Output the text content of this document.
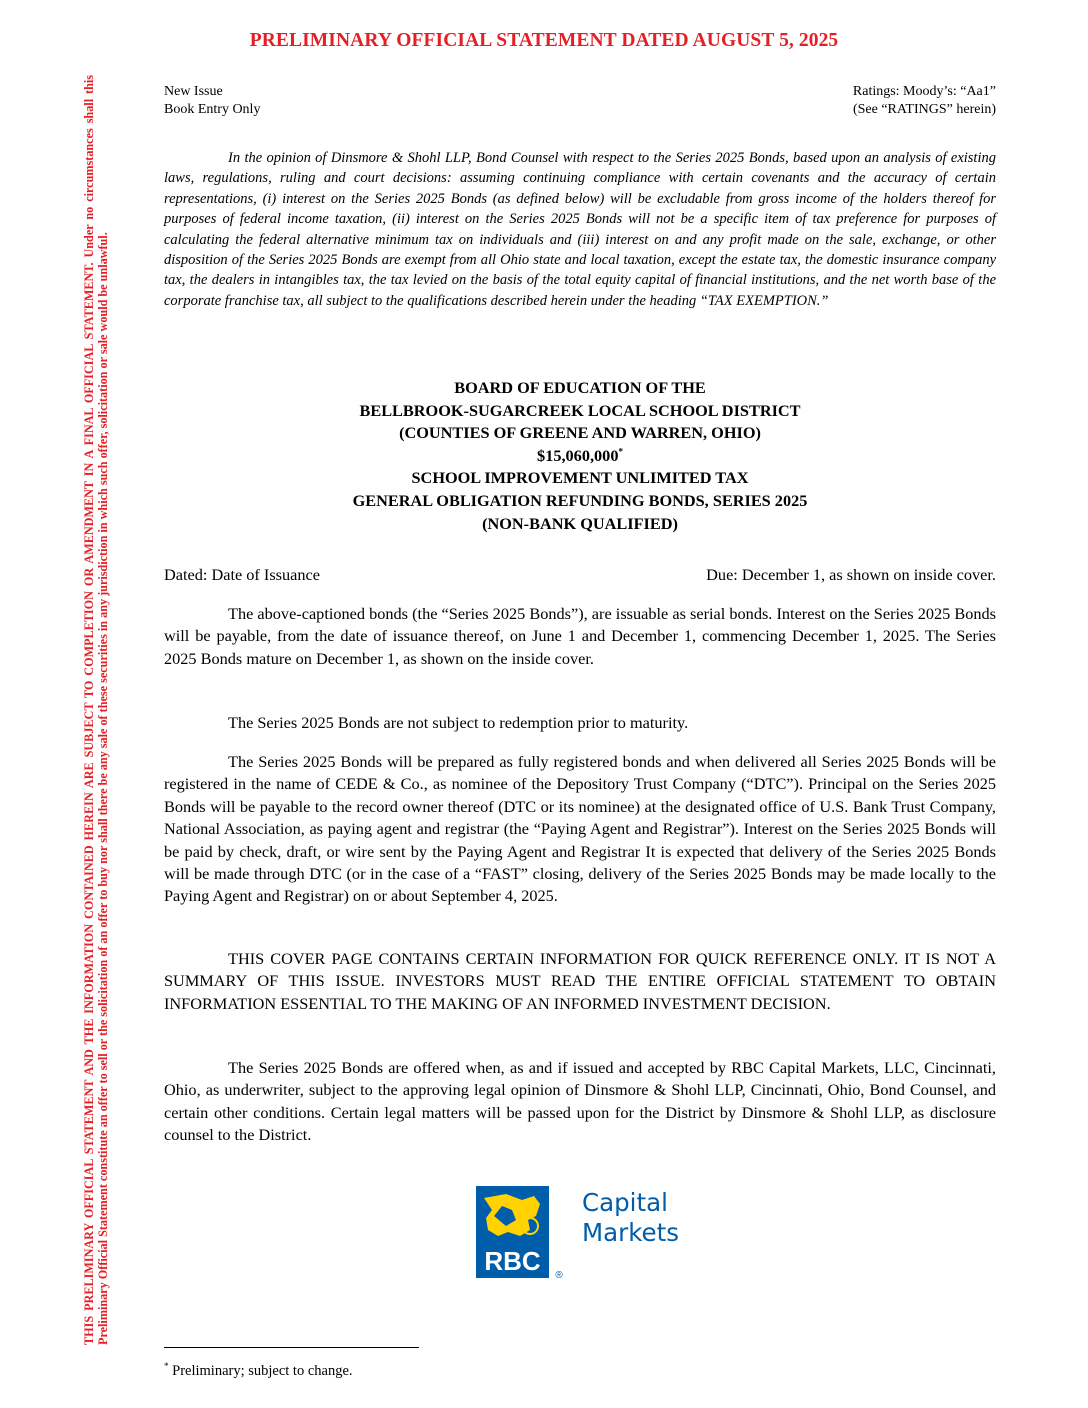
PRELIMINARY OFFICIAL STATEMENT DATED AUGUST 5, 2025
THIS PRELIMINARY OFFICIAL STATEMENT AND THE INFORMATION CONTAINED HEREIN ARE SUBJECT TO COMPLETION OR AMENDMENT IN A FINAL OFFICIAL STATEMENT. Under no circumstances shall this Preliminary Official Statement constitute an offer to sell or the solicitation of an offer to buy nor shall there be any sale of these securities in any jurisdiction in which such offer, solicitation or sale would be unlawful.
New Issue
Book Entry Only
Ratings: Moody’s: “Aa1”
(See “RATINGS” herein)

In the opinion of Dinsmore & Shohl LLP, Bond Counsel with respect to the Series 2025 Bonds, based upon an analysis of existing laws, regulations, ruling and court decisions: assuming continuing compliance with certain covenants and the accuracy of certain representations, (i) interest on the Series 2025 Bonds (as defined below) will be excludable from gross income of the holders thereof for purposes of federal income taxation, (ii) interest on the Series 2025 Bonds will not be a specific item of tax preference for purposes of calculating the federal alternative minimum tax on individuals and (iii) interest on and any profit made on the sale, exchange, or other disposition of the Series 2025 Bonds are exempt from all Ohio state and local taxation, except the estate tax, the domestic insurance company tax, the dealers in intangibles tax, the tax levied on the basis of the total equity capital of financial institutions, and the net worth base of the corporate franchise tax, all subject to the qualifications described herein under the heading “TAX EXEMPTION.”

BOARD OF EDUCATION OF THE
BELLBROOK-SUGARCREEK LOCAL SCHOOL DISTRICT
(COUNTIES OF GREENE AND WARREN, OHIO)
$15,060,000*
SCHOOL IMPROVEMENT UNLIMITED TAX
GENERAL OBLIGATION REFUNDING BONDS, SERIES 2025
(NON-BANK QUALIFIED)
Dated: Date of Issuance	Due: December 1, as shown on inside cover.

The above-captioned bonds (the “Series 2025 Bonds”), are issuable as serial bonds. Interest on the Series 2025 Bonds will be payable, from the date of issuance thereof, on June 1 and December 1, commencing December 1, 2025. The Series 2025 Bonds mature on December 1, as shown on the inside cover.

The Series 2025 Bonds are not subject to redemption prior to maturity.

The Series 2025 Bonds will be prepared as fully registered bonds and when delivered all Series 2025 Bonds will be registered in the name of CEDE & Co., as nominee of the Depository Trust Company (“DTC”). Principal on the Series 2025 Bonds will be payable to the record owner thereof (DTC or its nominee) at the designated office of U.S. Bank Trust Company, National Association, as paying agent and registrar (the “Paying Agent and Registrar”). Interest on the Series 2025 Bonds will be paid by check, draft, or wire sent by the Paying Agent and Registrar It is expected that delivery of the Series 2025 Bonds will be made through DTC (or in the case of a “FAST” closing, delivery of the Series 2025 Bonds may be made locally to the Paying Agent and Registrar) on or about September 4, 2025.

THIS COVER PAGE CONTAINS CERTAIN INFORMATION FOR QUICK REFERENCE ONLY. IT IS NOT A SUMMARY OF THIS ISSUE. INVESTORS MUST READ THE ENTIRE OFFICIAL STATEMENT TO OBTAIN INFORMATION ESSENTIAL TO THE MAKING OF AN INFORMED INVESTMENT DECISION.

The Series 2025 Bonds are offered when, as and if issued and accepted by RBC Capital Markets, LLC, Cincinnati, Ohio, as underwriter, subject to the approving legal opinion of Dinsmore & Shohl LLP, Cincinnati, Ohio, Bond Counsel, and certain other conditions. Certain legal matters will be passed upon for the District by Dinsmore & Shohl LLP, as disclosure counsel to the District.

RBC ®
Capital
Markets
* Preliminary; subject to change.
